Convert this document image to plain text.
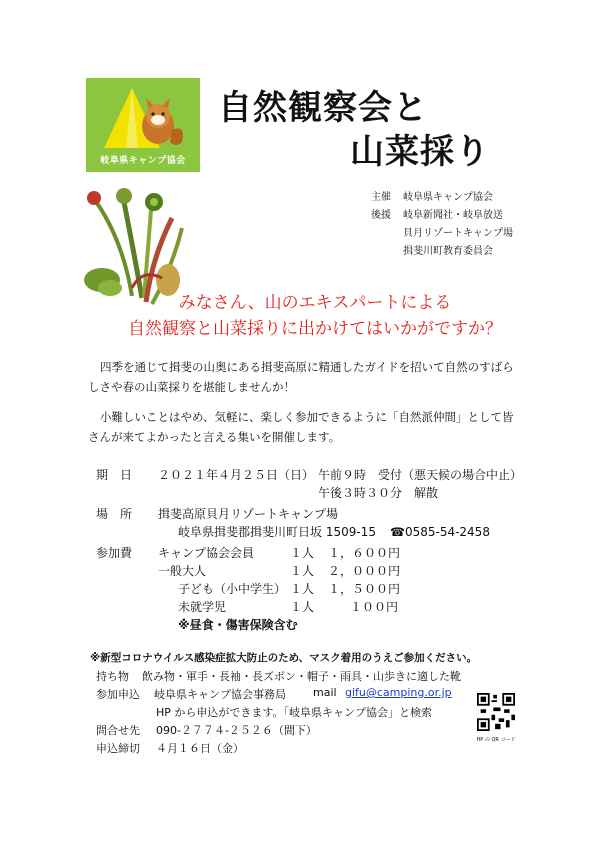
岐阜県キャンプ協会
自然観察会と
山菜採り
主催 岐阜県キャンプ協会
後援 岐阜新聞社・岐阜放送
貝月リゾートキャンプ場
揖斐川町教育委員会
みなさん、山のエキスパートによる
自然観察と山菜採りに出かけてはいかがですか？
四季を通じて揖斐の山奥にある揖斐高原に精通したガイドを招いて自然のすばらしさや春の山菜採りを堪能しませんか！
小難しいことはやめ、気軽に、楽しく参加できるように「自然派仲間」として皆さんが来てよかったと言える集いを開催します。
期　日 ２０２１年４月２５日（日） 午前９時　受付（悪天候の場合中止）
午後３時３０分　解散
場　所 揖斐高原貝月リゾートキャンプ場
岐阜県揖斐郡揖斐川町日坂 1509-15 ☎0585-54-2458
参加費 キャンプ協会会員	１人 １，６００円
一般大人	１人 ２，０００円
子ども（小中学生） １人 １，５００円
未就学児	１人	１００円
※昼食・傷害保険含む
※新型コロナウイルス感染症拡大防止のため、マスク着用のうえご参加ください。
持ち物 飲み物・軍手・長袖・長ズボン・帽子・雨具・山歩きに適した靴
参加申込 岐阜県キャンプ協会事務局 mail gifu@camping.or.jp
HP から申込ができます。「岐阜県キャンプ協会」と検索
問合せ先 090-２７７４-２５２６（間下）
申込締切 ４月１６日（金）
HP の QR コード
